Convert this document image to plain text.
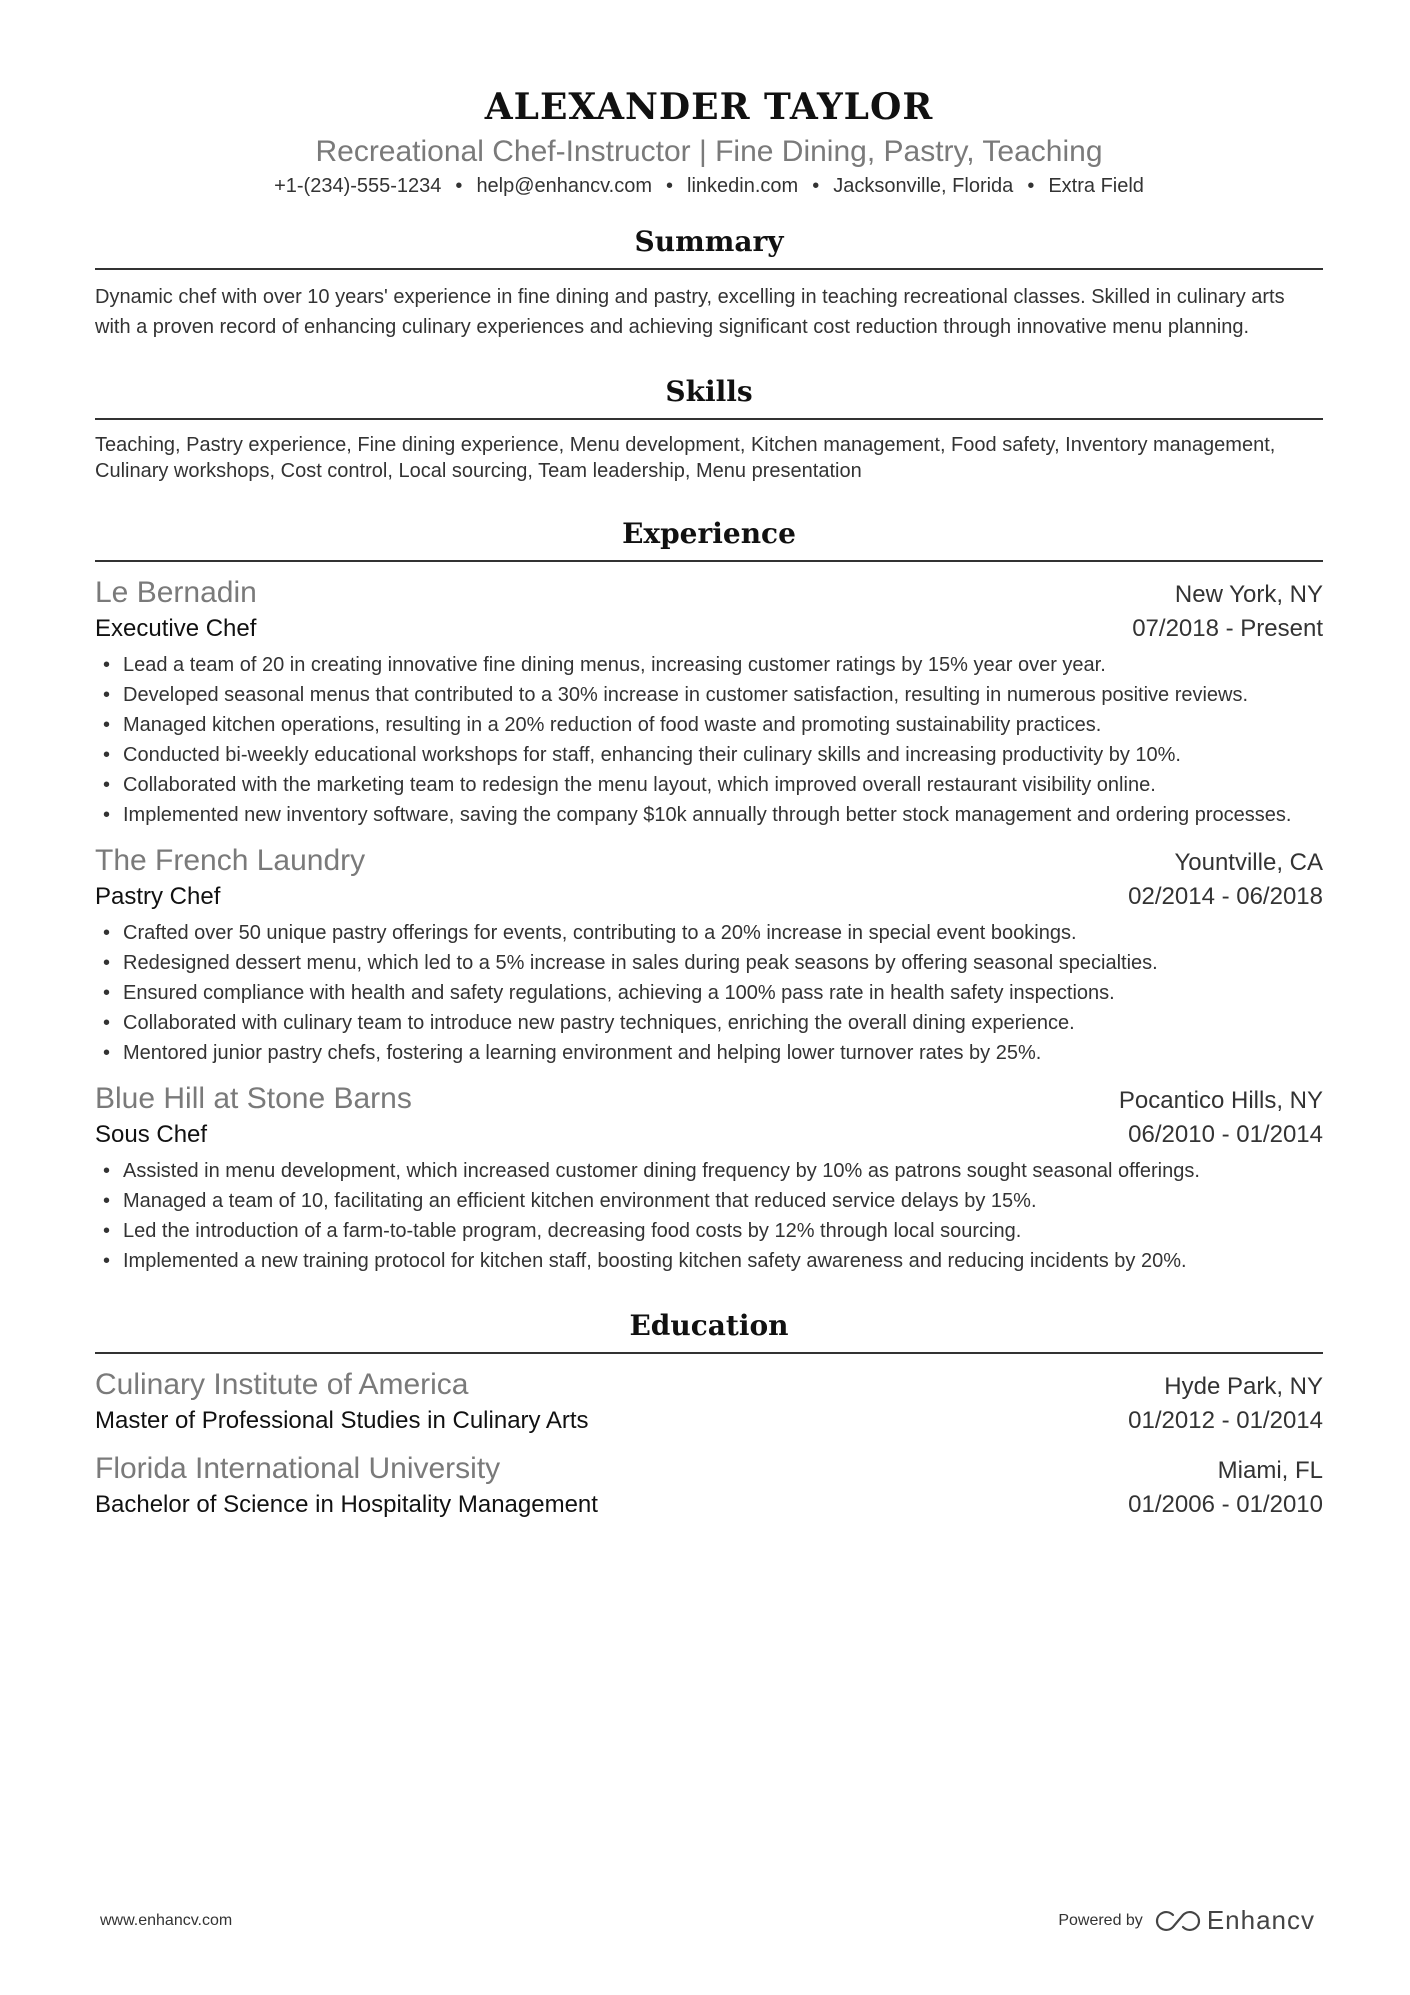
ALEXANDER TAYLOR

Recreational Chef-Instructor | Fine Dining, Pastry, Teaching

+1-(234)-555-1234 • help@enhancv.com • linkedin.com • Jacksonville, Florida • Extra Field
Summary

Dynamic chef with over 10 years' experience in fine dining and pastry, excelling in teaching recreational classes. Skilled in culinary arts with a proven record of enhancing culinary experiences and achieving significant cost reduction through innovative menu planning.

Skills

Teaching, Pastry experience, Fine dining experience, Menu development, Kitchen management, Food safety, Inventory management, Culinary workshops, Cost control, Local sourcing, Team leadership, Menu presentation

Experience
Le Bernadin	New York, NY
Executive Chef	07/2018 - Present
• Lead a team of 20 in creating innovative fine dining menus, increasing customer ratings by 15% year over year.
• Developed seasonal menus that contributed to a 30% increase in customer satisfaction, resulting in numerous positive reviews.
• Managed kitchen operations, resulting in a 20% reduction of food waste and promoting sustainability practices.
• Conducted bi-weekly educational workshops for staff, enhancing their culinary skills and increasing productivity by 10%.
• Collaborated with the marketing team to redesign the menu layout, which improved overall restaurant visibility online.
• Implemented new inventory software, saving the company $10k annually through better stock management and ordering processes.
The French Laundry	Yountville, CA
Pastry Chef	02/2014 - 06/2018
• Crafted over 50 unique pastry offerings for events, contributing to a 20% increase in special event bookings.
• Redesigned dessert menu, which led to a 5% increase in sales during peak seasons by offering seasonal specialties.
• Ensured compliance with health and safety regulations, achieving a 100% pass rate in health safety inspections.
• Collaborated with culinary team to introduce new pastry techniques, enriching the overall dining experience.
• Mentored junior pastry chefs, fostering a learning environment and helping lower turnover rates by 25%.
Blue Hill at Stone Barns	Pocantico Hills, NY
Sous Chef	06/2010 - 01/2014
• Assisted in menu development, which increased customer dining frequency by 10% as patrons sought seasonal offerings.
• Managed a team of 10, facilitating an efficient kitchen environment that reduced service delays by 15%.
• Led the introduction of a farm-to-table program, decreasing food costs by 12% through local sourcing.
• Implemented a new training protocol for kitchen staff, boosting kitchen safety awareness and reducing incidents by 20%.
Education
Culinary Institute of America	Hyde Park, NY
Master of Professional Studies in Culinary Arts	01/2012 - 01/2014
Florida International University	Miami, FL
Bachelor of Science in Hospitality Management	01/2006 - 01/2010
www.enhancv.com	Powered by Enhancv
